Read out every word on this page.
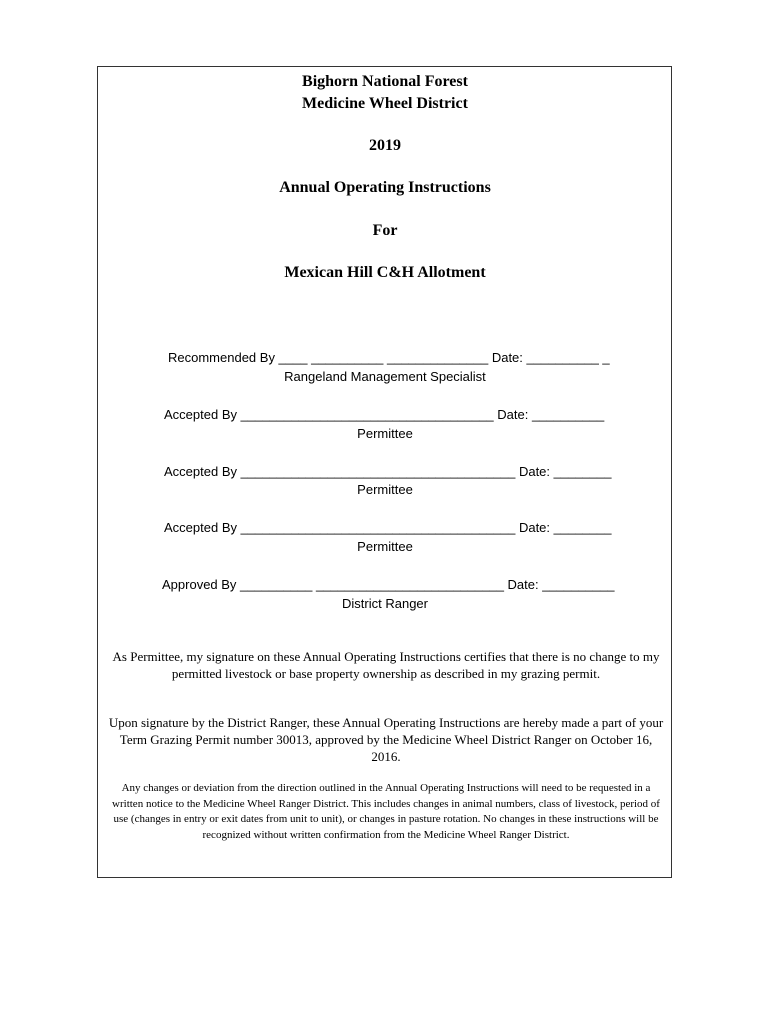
Bighorn National Forest
Medicine Wheel District
2019
Annual Operating Instructions
For
Mexican Hill C&H Allotment
Recommended By ____ __________ ______________ Date: __________ _
Rangeland Management Specialist
Accepted By ___________________________________ Date: __________
Permittee
Accepted By ______________________________________ Date: ________
Permittee
Accepted By ______________________________________ Date: ________
Permittee
Approved By __________ __________________________ Date: __________
District Ranger
As Permittee, my signature on these Annual Operating Instructions certifies that there is no change to my permitted livestock or base property ownership as described in my grazing permit.
Upon signature by the District Ranger, these Annual Operating Instructions are hereby made a part of your Term Grazing Permit number 30013, approved by the Medicine Wheel District Ranger on October 16, 2016.
Any changes or deviation from the direction outlined in the Annual Operating Instructions will need to be requested in a written notice to the Medicine Wheel Ranger District. This includes changes in animal numbers, class of livestock, period of use (changes in entry or exit dates from unit to unit), or changes in pasture rotation. No changes in these instructions will be recognized without written confirmation from the Medicine Wheel Ranger District.
